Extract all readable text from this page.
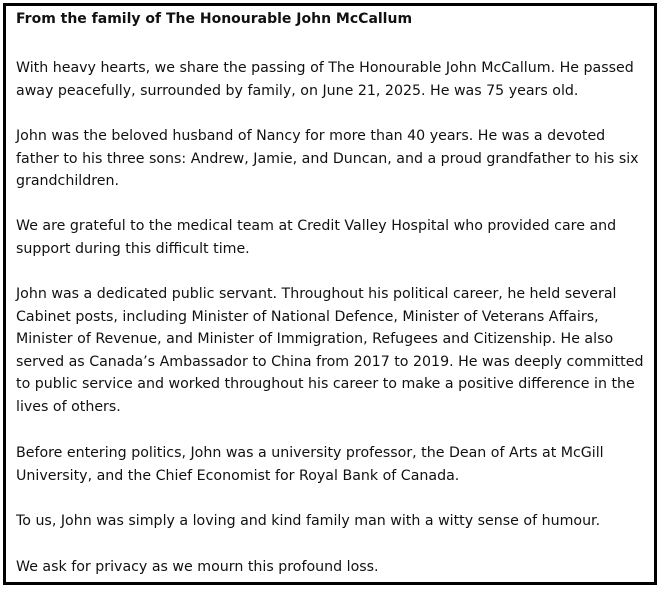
From the family of The Honourable John McCallum

With heavy hearts, we share the passing of The Honourable John McCallum. He passed away peacefully, surrounded by family, on June 21, 2025. He was 75 years old.

John was the beloved husband of Nancy for more than 40 years. He was a devoted father to his three sons: Andrew, Jamie, and Duncan, and a proud grandfather to his six grandchildren.

We are grateful to the medical team at Credit Valley Hospital who provided care and support during this difficult time.

John was a dedicated public servant. Throughout his political career, he held several Cabinet posts, including Minister of National Defence, Minister of Veterans Affairs, Minister of Revenue, and Minister of Immigration, Refugees and Citizenship. He also served as Canada’s Ambassador to China from 2017 to 2019. He was deeply committed to public service and worked throughout his career to make a positive difference in the lives of others.

Before entering politics, John was a university professor, the Dean of Arts at McGill University, and the Chief Economist for Royal Bank of Canada.

To us, John was simply a loving and kind family man with a witty sense of humour.

We ask for privacy as we mourn this profound loss.
